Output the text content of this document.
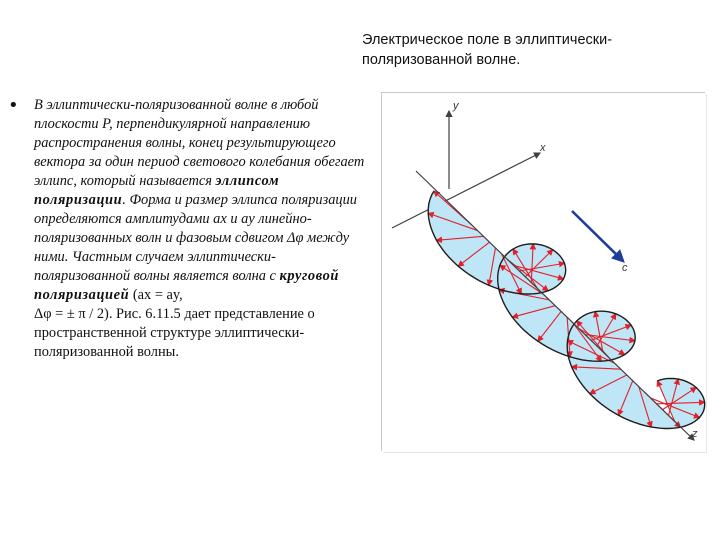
Электрическое поле в эллиптически-
поляризованной волне.
• В эллиптически-поляризованной волне в любой плоскости P, перпендикулярной направлению распространения волны, конец результирующего вектора за один период светового колебания обегает эллипс, который называется эллипсом поляризации. Форма и размер эллипса поляризации определяются амплитудами ax и ay линейно-поляризованных волн и фазовым сдвигом Δφ между ними. Частным случаем эллиптически-поляризованной волны является волна с круговой поляризацией (ax = ay,
Δφ = ± π / 2). Рис. 6.11.5 дает представление о пространственной структуре эллиптически-поляризованной волны.
y
x
z
c
